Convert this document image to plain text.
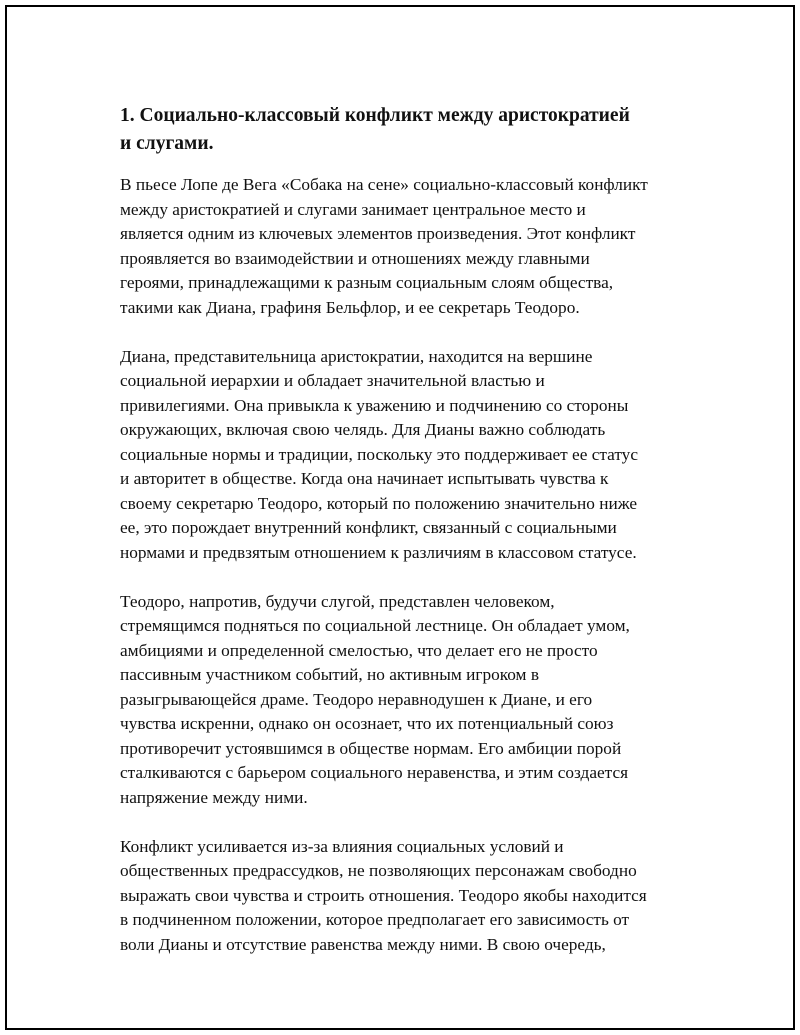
1. Социально-классовый конфликт между аристократией
и слугами.

В пьесе Лопе де Вега «Собака на сене» социально-классовый конфликт
между аристократией и слугами занимает центральное место и
является одним из ключевых элементов произведения. Этот конфликт
проявляется во взаимодействии и отношениях между главными
героями, принадлежащими к разным социальным слоям общества,
такими как Диана, графиня Бельфлор, и ее секретарь Теодоро.

Диана, представительница аристократии, находится на вершине
социальной иерархии и обладает значительной властью и
привилегиями. Она привыкла к уважению и подчинению со стороны
окружающих, включая свою челядь. Для Дианы важно соблюдать
социальные нормы и традиции, поскольку это поддерживает ее статус
и авторитет в обществе. Когда она начинает испытывать чувства к
своему секретарю Теодоро, который по положению значительно ниже
ее, это порождает внутренний конфликт, связанный с социальными
нормами и предвзятым отношением к различиям в классовом статусе.

Теодоро, напротив, будучи слугой, представлен человеком,
стремящимся подняться по социальной лестнице. Он обладает умом,
амбициями и определенной смелостью, что делает его не просто
пассивным участником событий, но активным игроком в
разыгрывающейся драме. Теодоро неравнодушен к Диане, и его
чувства искренни, однако он осознает, что их потенциальный союз
противоречит устоявшимся в обществе нормам. Его амбиции порой
сталкиваются с барьером социального неравенства, и этим создается
напряжение между ними.

Конфликт усиливается из-за влияния социальных условий и
общественных предрассудков, не позволяющих персонажам свободно
выражать свои чувства и строить отношения. Теодоро якобы находится
в подчиненном положении, которое предполагает его зависимость от
воли Дианы и отсутствие равенства между ними. В свою очередь,
